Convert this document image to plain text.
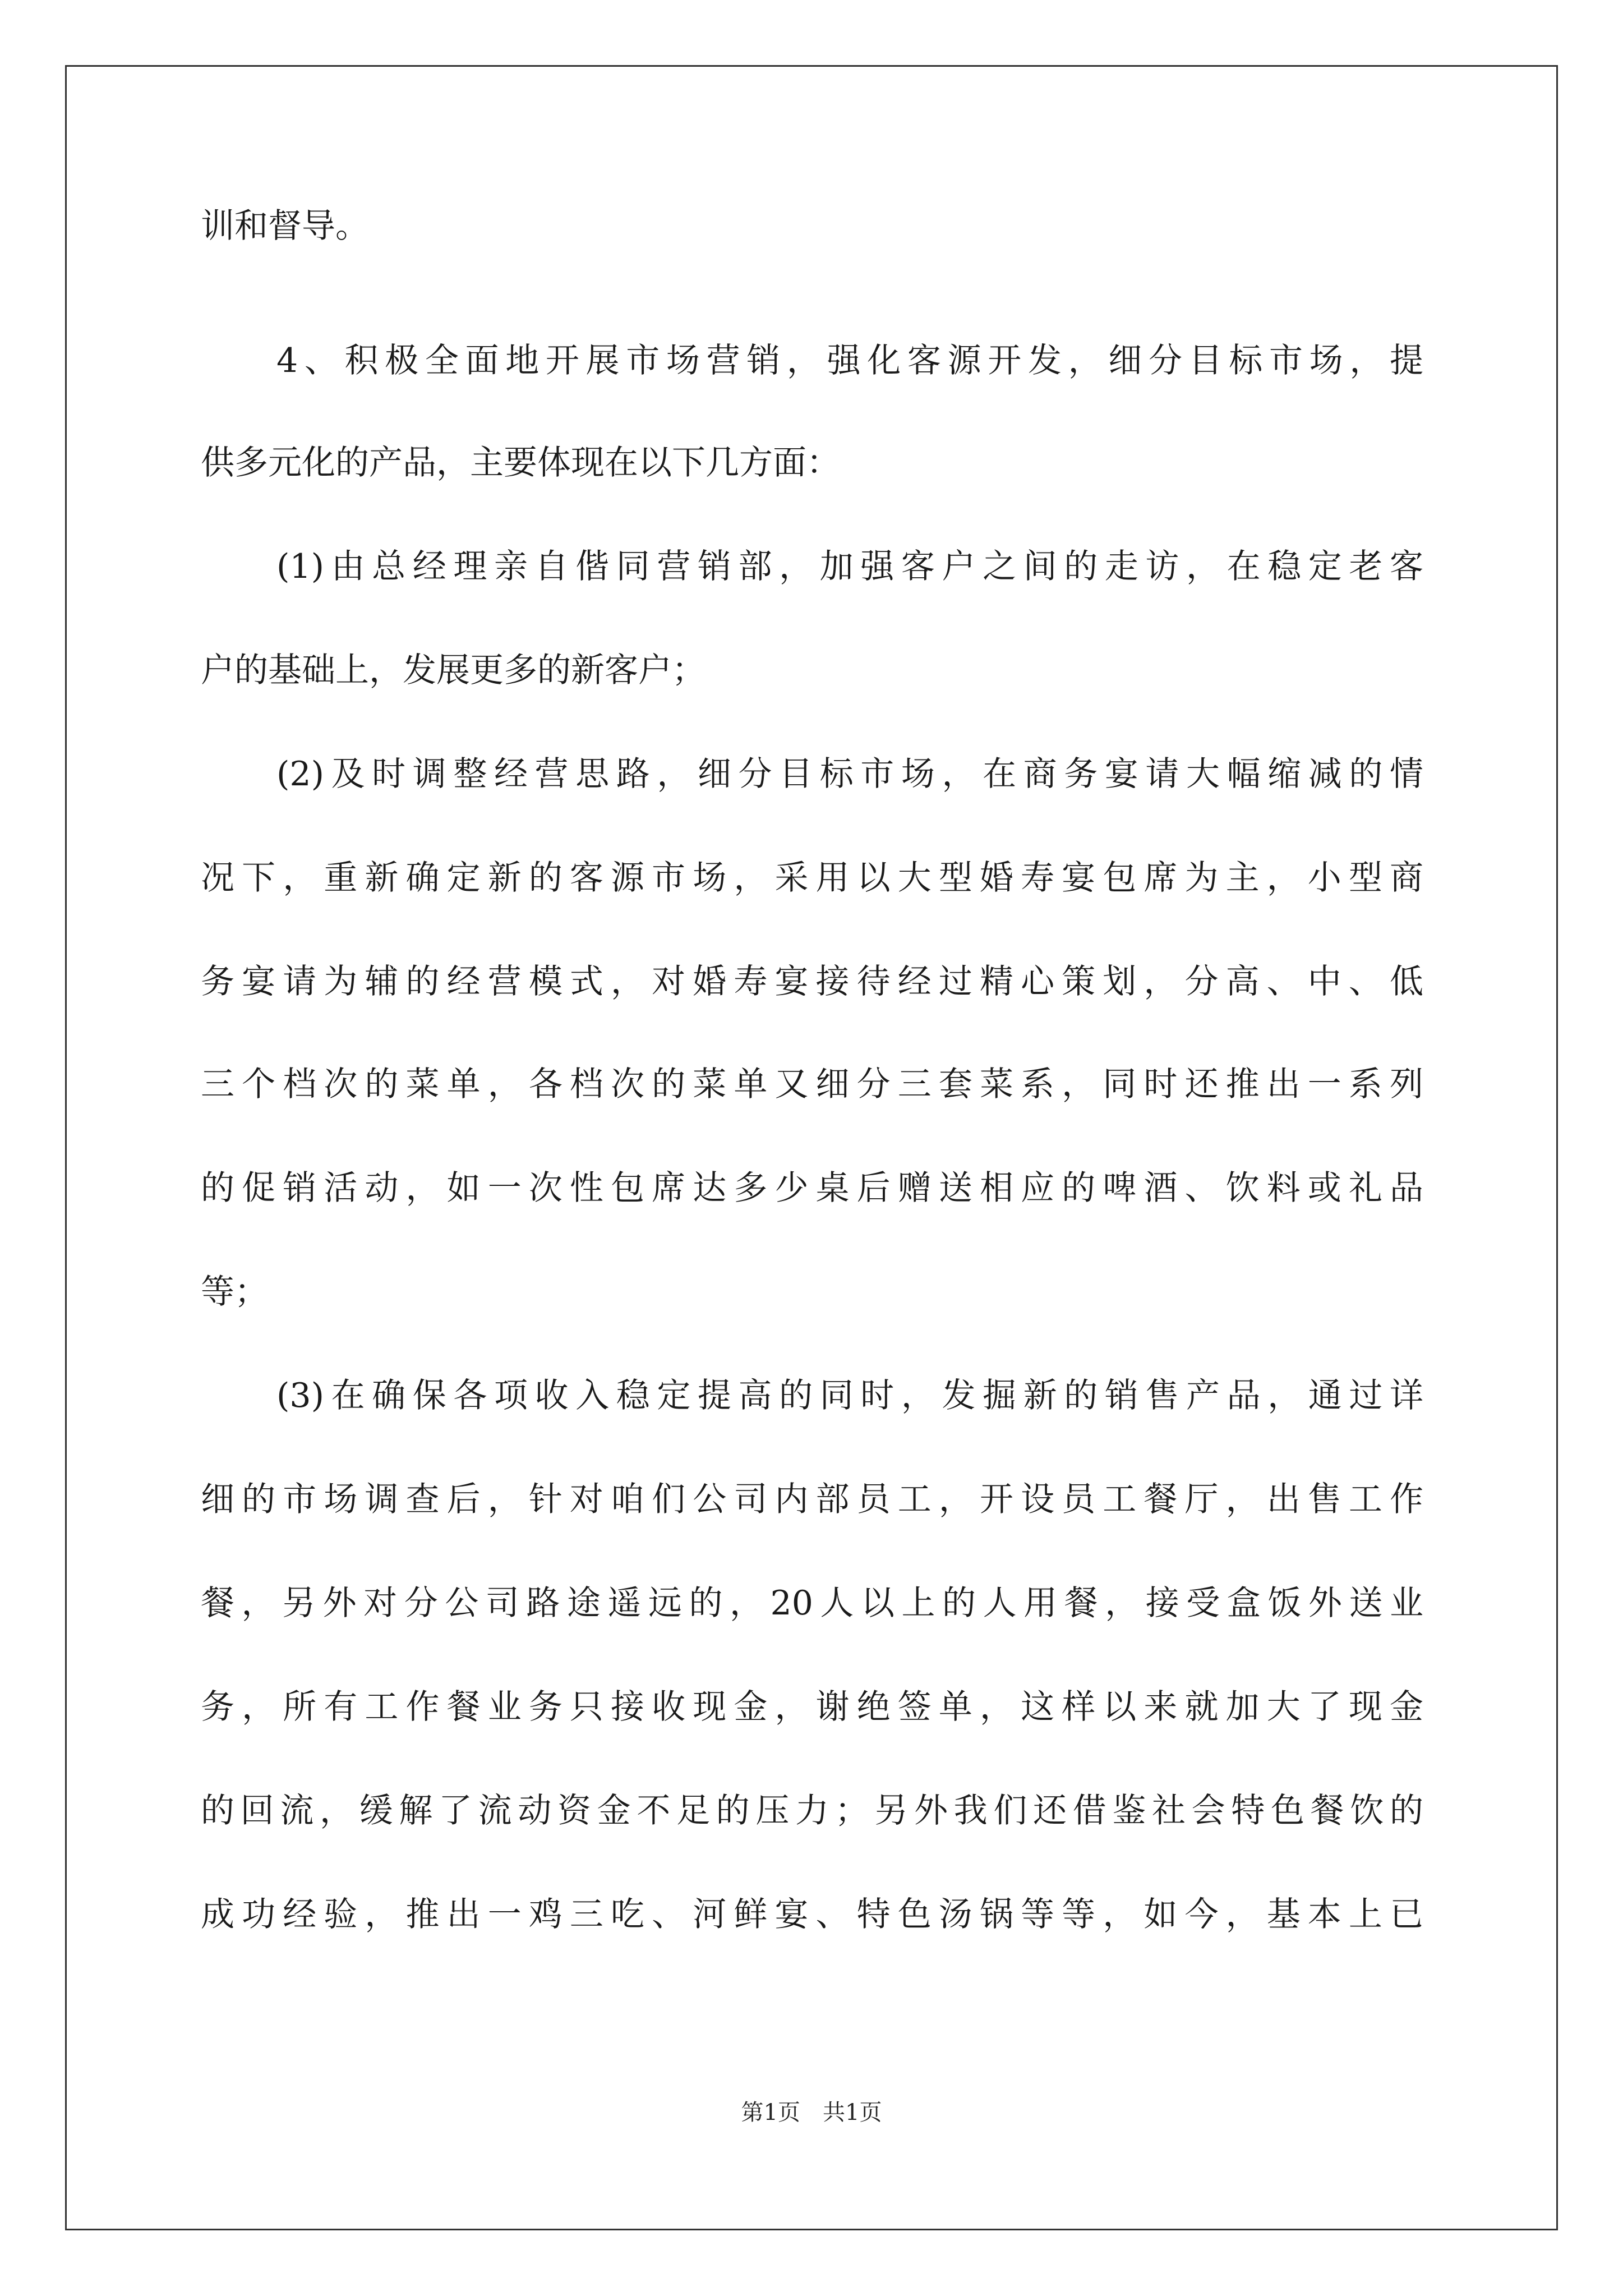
训和督导。
4、积极全面地开展市场营销，强化客源开发，细分目标市场，提
供多元化的产品，主要体现在以下几方面：
(1)由总经理亲自偕同营销部，加强客户之间的走访，在稳定老客
户的基础上，发展更多的新客户；
(2)及时调整经营思路，细分目标市场，在商务宴请大幅缩减的情
况下，重新确定新的客源市场，采用以大型婚寿宴包席为主，小型商
务宴请为辅的经营模式，对婚寿宴接待经过精心策划，分高、中、低
三个档次的菜单，各档次的菜单又细分三套菜系，同时还推出一系列
的促销活动，如一次性包席达多少桌后赠送相应的啤酒、饮料或礼品
等；
(3)在确保各项收入稳定提高的同时，发掘新的销售产品，通过详
细的市场调查后，针对咱们公司内部员工，开设员工餐厅，出售工作
餐，另外对分公司路途遥远的，20人以上的人用餐，接受盒饭外送业
务，所有工作餐业务只接收现金，谢绝签单，这样以来就加大了现金
的回流，缓解了流动资金不足的压力；另外我们还借鉴社会特色餐饮的
成功经验，推出一鸡三吃、河鲜宴、特色汤锅等等，如今，基本上已
第1页 共1页
